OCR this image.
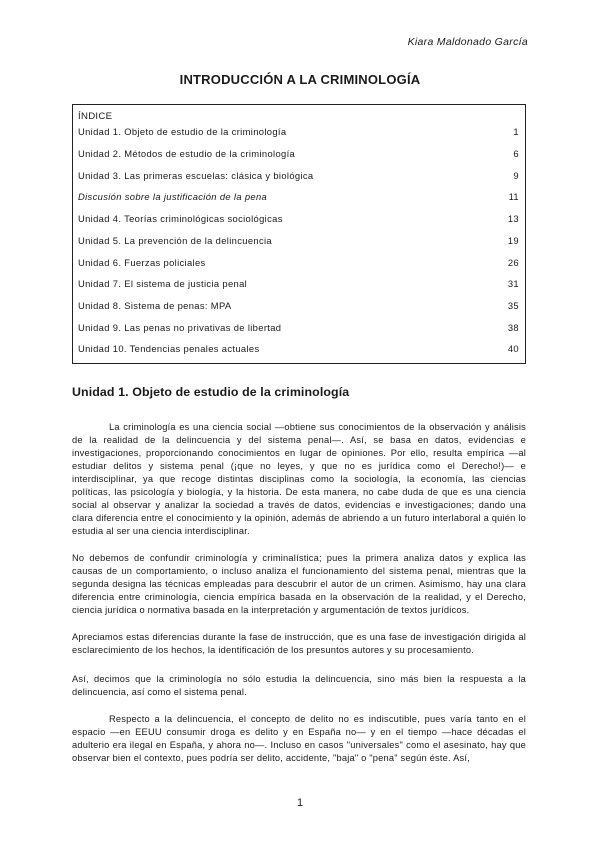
Kiara Maldonado García
INTRODUCCIÓN A LA CRIMINOLOGÍA
ÍNDICE
Unidad 1. Objeto de estudio de la criminología	1
Unidad 2. Métodos de estudio de la criminología	6
Unidad 3. Las primeras escuelas: clásica y biológica	9
Discusión sobre la justificación de la pena	11
Unidad 4. Teorías criminológicas sociológicas	13
Unidad 5. La prevención de la delincuencia	19
Unidad 6. Fuerzas policiales	26
Unidad 7. El sistema de justicia penal	31
Unidad 8. Sistema de penas: MPA	35
Unidad 9. Las penas no privativas de libertad	38
Unidad 10. Tendencias penales actuales	40
Unidad 1. Objeto de estudio de la criminología

La criminología es una ciencia social —obtiene sus conocimientos de la observación y análisis de la realidad de la delincuencia y del sistema penal—. Así, se basa en datos, evidencias e investigaciones, proporcionando conocimientos en lugar de opiniones. Por ello, resulta empírica —al estudiar delitos y sistema penal (¡que no leyes, y que no es jurídica como el Derecho!)— e interdisciplinar, ya que recoge distintas disciplinas como la sociología, la economía, las ciencias políticas, las psicología y biología, y la historia. De esta manera, no cabe duda de que es una ciencia social al observar y analizar la sociedad a través de datos, evidencias e investigaciones; dando una clara diferencia entre el conocimiento y la opinión, además de abriendo a un futuro interlaboral a quién lo estudia al ser una ciencia interdisciplinar.

No debemos de confundir criminología y criminalística; pues la primera analiza datos y explica las causas de un comportamiento, o incluso analiza el funcionamiento del sistema penal, mientras que la segunda designa las técnicas empleadas para descubrir el autor de un crimen. Asimismo, hay una clara diferencia entre criminología, ciencia empírica basada en la observación de la realidad, y el Derecho, ciencia jurídica o normativa basada en la interpretación y argumentación de textos jurídicos.

Apreciamos estas diferencias durante la fase de instrucción, que es una fase de investigación dirigida al esclarecimiento de los hechos, la identificación de los presuntos autores y su procesamiento.

Así, decimos que la criminología no sólo estudia la delincuencia, sino más bien la respuesta a la delincuencia, así como el sistema penal.

Respecto a la delincuencia, el concepto de delito no es indiscutible, pues varía tanto en el espacio —en EEUU consumir droga es delito y en España no— y en el tiempo —hace décadas el adulterio era ilegal en España, y ahora no—. Incluso en casos "universales" como el asesinato, hay que observar bien el contexto, pues podría ser delito, accidente, "baja" o "pena" según éste. Así,

1
